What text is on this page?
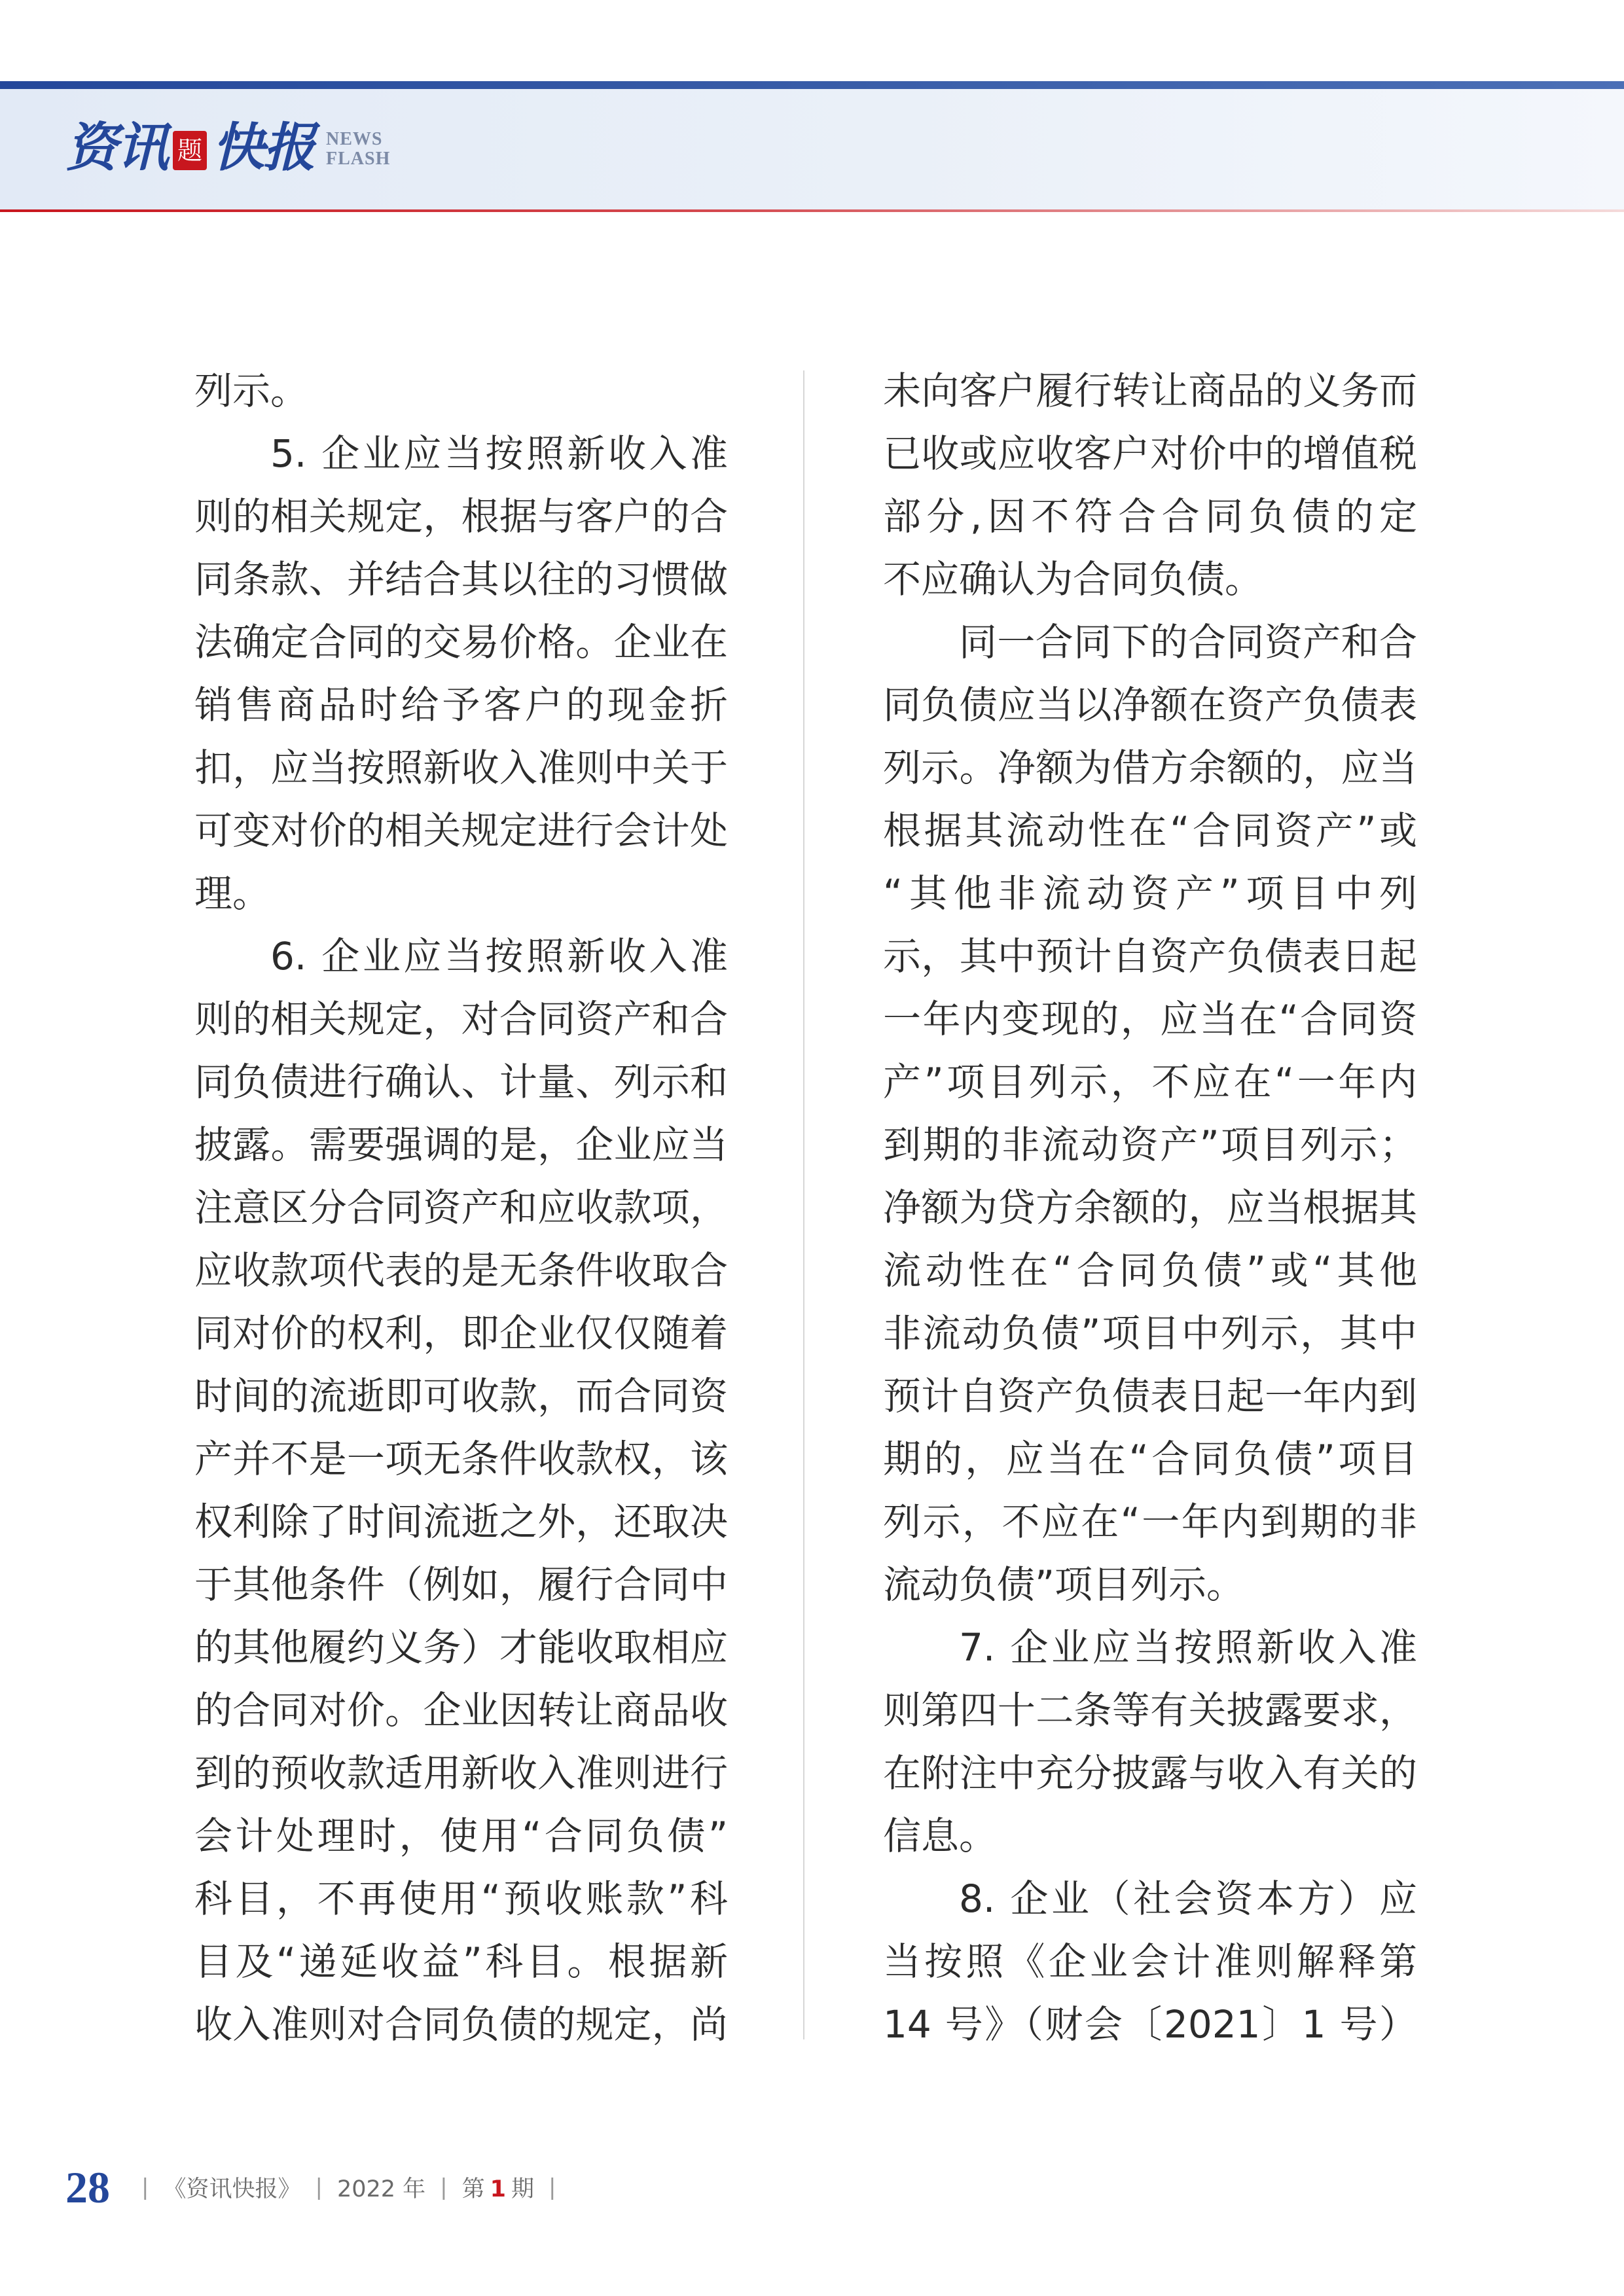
资讯 题 快报 NEWS
FLASH
列示。
5. 企业应当按照新收入准
则的相关规定，根据与客户的合
同条款、并结合其以往的习惯做
法确定合同的交易价格。企业在
销售商品时给予客户的现金折
扣，应当按照新收入准则中关于
可变对价的相关规定进行会计处
理。
6. 企业应当按照新收入准
则的相关规定，对合同资产和合
同负债进行确认、计量、列示和
披露。需要强调的是，企业应当
注意区分合同资产和应收款项，
应收款项代表的是无条件收取合
同对价的权利，即企业仅仅随着
时间的流逝即可收款，而合同资
产并不是一项无条件收款权，该
权利除了时间流逝之外，还取决
于其他条件（例如，履行合同中
的其他履约义务）才能收取相应
的合同对价。企业因转让商品收
到的预收款适用新收入准则进行
会计处理时，使用“合同负债”
科目，不再使用“预收账款”科
目及“递延收益”科目。根据新
收入准则对合同负债的规定，尚
未向客户履行转让商品的义务而
已收或应收客户对价中的增值税
部分,因不符合合同负债的定
不应确认为合同负债。
同一合同下的合同资产和合
同负债应当以净额在资产负债表
列示。净额为借方余额的，应当
根据其流动性在“合同资产”或
“其他非流动资产”项目中列
示，其中预计自资产负债表日起
一年内变现的，应当在“合同资
产”项目列示，不应在“一年内
到期的非流动资产”项目列示；
净额为贷方余额的，应当根据其
流动性在“合同负债”或“其他
非流动负债”项目中列示，其中
预计自资产负债表日起一年内到
期的，应当在“合同负债”项目
列示，不应在“一年内到期的非
流动负债”项目列示。
7. 企业应当按照新收入准
则第四十二条等有关披露要求，
在附注中充分披露与收入有关的
信息。
8. 企业（社会资本方）应
当按照《企业会计准则解释第
14 号》（财会〔2021〕1 号）
28 | 《资讯快报》 | 2022 年 | 第 1 期 |
